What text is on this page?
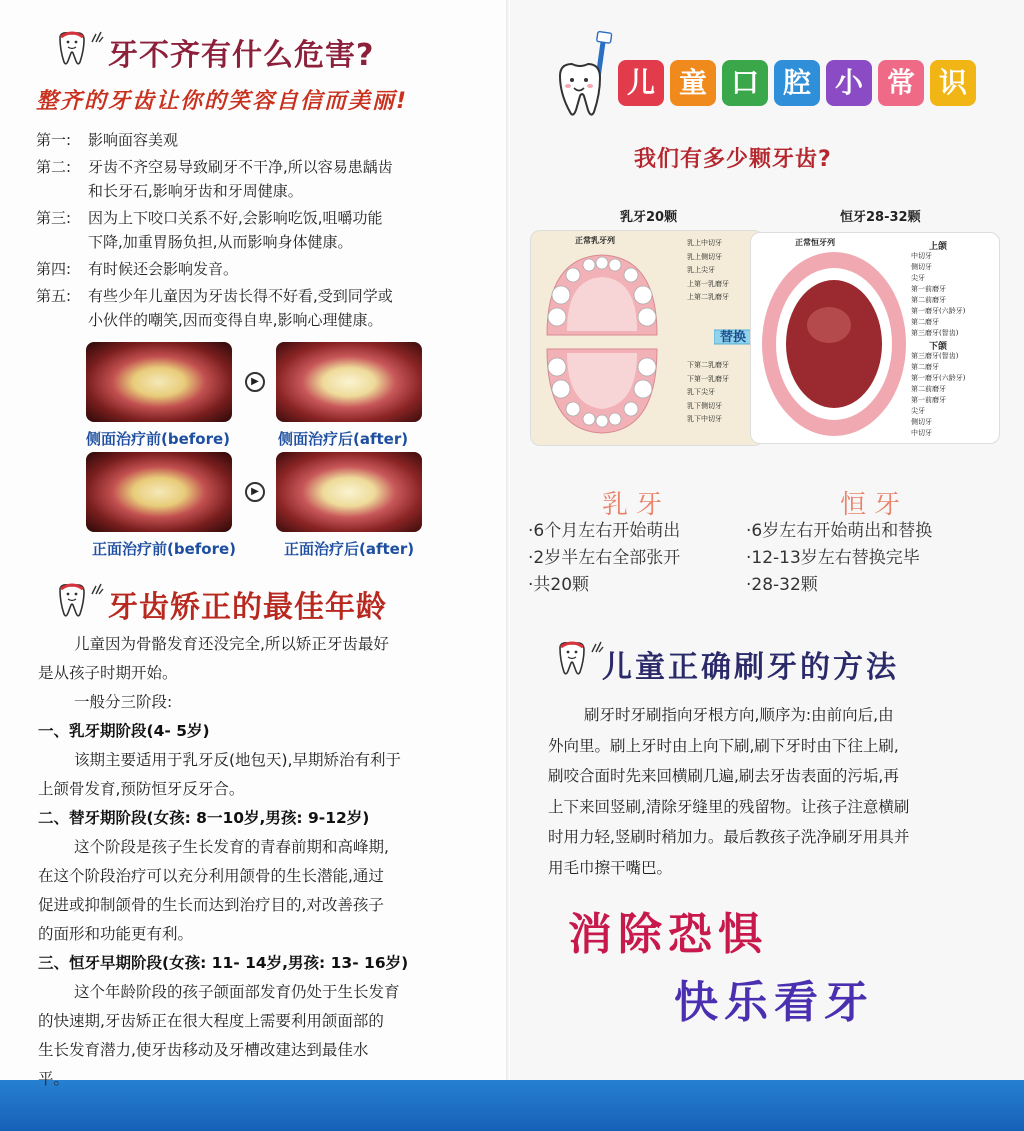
牙不齐有什么危害?
整齐的牙齿让你的笑容自信而美丽!
第一: 影响面容美观
第二: 牙齿不齐空易导致刷牙不干净,所以容易患龋齿
和长牙石,影响牙齿和牙周健康。
第三: 因为上下咬口关系不好,会影响吃饭,咀嚼功能
下降,加重胃肠负担,从而影响身体健康。
第四: 有时候还会影响发音。
第五: 有些少年儿童因为牙齿长得不好看,受到同学或
小伙伴的嘲笑,因而变得自卑,影响心理健康。
▶
侧面治疗前(before)	侧面治疗后(after)
▶
正面治疗前(before)	正面治疗后(after)
牙齿矫正的最佳年龄
儿童因为骨骼发育还没完全,所以矫正牙齿最好
是从孩子时期开始。
一般分三阶段:
一、乳牙期阶段(4- 5岁)
该期主要适用于乳牙反(地包天),早期矫治有利于
上颌骨发育,预防恒牙反牙合。
二、替牙期阶段(女孩: 8一10岁,男孩: 9-12岁)
这个阶段是孩子生长发育的青春前期和高峰期,
在这个阶段治疗可以充分利用颌骨的生长潜能,通过
促进或抑制颌骨的生长而达到治疗目的,对改善孩子
的面形和功能更有利。
三、恒牙早期阶段(女孩: 11- 14岁,男孩: 13- 16岁)
这个年龄阶段的孩子颌面部发育仍处于生长发育
的快速期,牙齿矫正在很大程度上需要利用颌面部的
生长发育潜力,使牙齿移动及牙槽改建达到最佳水
平。
儿 童 口 腔 小 常 识
我们有多少颗牙齿?
乳牙20颗	恒牙28-32颗
正常乳牙列	乳上中切牙
乳上侧切牙
乳上尖牙
上第一乳磨牙
上第二乳磨牙
下第二乳磨牙
下第一乳磨牙
乳下尖牙
乳下侧切牙
乳下中切牙
替换
正常恒牙列	上颌
中切牙
侧切牙
尖牙
第一前磨牙
第二前磨牙
第一磨牙(六龄牙)
第二磨牙
第三磨牙(智齿)
下颌
第三磨牙(智齿)
第二磨牙
第一磨牙(六龄牙)
第二前磨牙
第一前磨牙
尖牙
侧切牙
中切牙
乳牙	恒牙
·6个月左右开始萌出
·2岁半左右全部张开
·共20颗
·6岁左右开始萌出和替换
·12-13岁左右替换完毕
·28-32颗
儿童正确刷牙的方法
刷牙时牙刷指向牙根方向,顺序为:由前向后,由
外向里。刷上牙时由上向下刷,刷下牙时由下往上刷,
刷咬合面时先来回横刷几遍,刷去牙齿表面的污垢,再
上下来回竖刷,清除牙缝里的残留物。让孩子注意横刷
时用力轻,竖刷时稍加力。最后教孩子洗净刷牙用具并
用毛巾擦干嘴巴。
消除恐惧
快乐看牙
